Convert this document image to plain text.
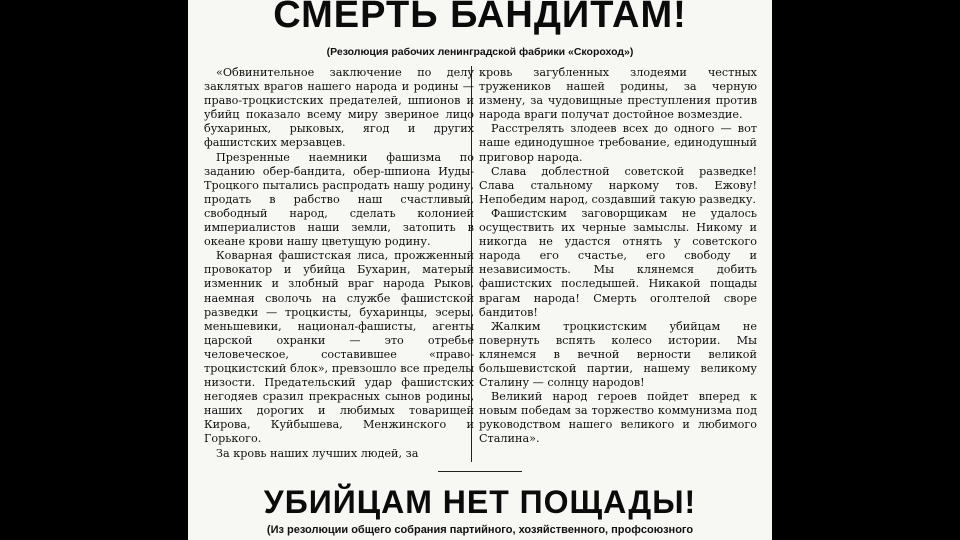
СМЕРТЬ БАНДИТАМ!
(Резолюция рабочих ленинградской фабрики «Скороход»)

«Обвинительное заключение по делу заклятых врагов нашего народа и родины — право-троцкистских предателей, шпионов и убийц показало всему миру звериное лицо бухариных, рыковых, ягод и других фашистских мерзавцев.

Презренные наемники фашизма по заданию обер-бандита, обер-шпиона Иуды-Троцкого пытались распродать нашу родину, продать в рабство наш счастливый, свободный народ, сделать колонией империалистов наши земли, затопить в океане крови нашу цветущую родину.

Коварная фашистская лиса, прожженный провокатор и убийца Бухарин, матерый изменник и злобный враг народа Рыков, наемная сволочь на службе фашистской разведки — троцкисты, бухаринцы, эсеры, меньшевики, национал-фашисты, агенты царской охранки — это отребье человеческое, составившее «право-троцкистский блок», превзошло все пределы низости. Предательский удар фашистских негодяев сразил прекрасных сынов родины, наших дорогих и любимых товарищей Кирова, Куйбышева, Менжинского и Горького.

За кровь наших лучших людей, за

кровь загубленных злодеями честных тружеников нашей родины, за черную измену, за чудовищные преступления против народа враги получат достойное возмездие.

Расстрелять злодеев всех до одного — вот наше единодушное требование, единодушный приговор народа.

Слава доблестной советской разведке! Слава стальному наркому тов. Ежову! Непобедим народ, создавший такую разведку.

Фашистским заговорщикам не удалось осуществить их черные замыслы. Никому и никогда не удастся отнять у советского народа его счастье, его свободу и независимость. Мы клянемся добить фашистских последышей. Никакой пощады врагам народа! Смерть оголтелой своре бандитов!

Жалким троцкистским убийцам не повернуть вспять колесо истории. Мы клянемся в вечной верности великой большевистской партии, нашему великому Сталину — солнцу народов!

Великий народ героев пойдет вперед к новым победам за торжество коммунизма под руководством нашего великого и любимого Сталина».

УБИЙЦАМ НЕТ ПОЩАДЫ!
(Из резолюции общего собрания партийного, хозяйственного, профсоюзного
